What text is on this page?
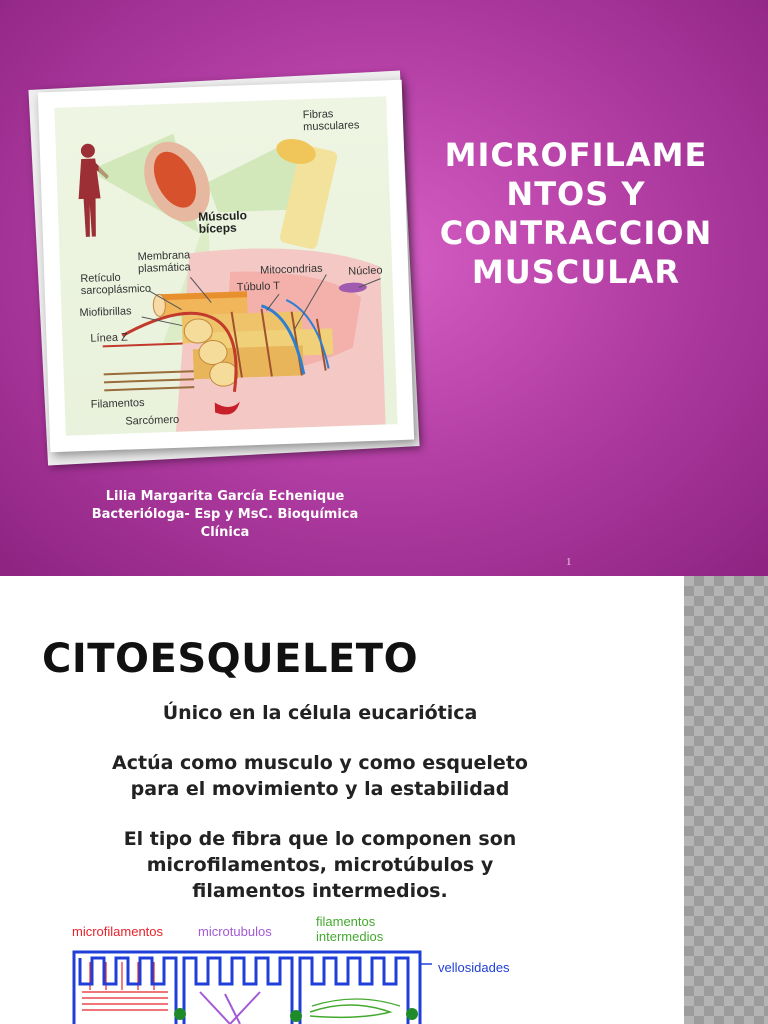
Fibras
musculares
Músculo
bíceps
Membrana
plasmática
Retículo
sarcoplásmico
Mitocondrias Núcleo
Túbulo T
Miofibrillas
Línea Z
Filamentos
Sarcómero
MICROFILAME
NTOS Y
CONTRACCION
MUSCULAR
Lilia Margarita García Echenique
Bacterióloga- Esp y MsC. Bioquímica
Clínica
1
CITOESQUELETO
Único en la célula eucariótica
Actúa como musculo y como esqueleto
para el movimiento y la estabilidad
El tipo de fibra que lo componen son
microfilamentos, microtúbulos y
filamentos intermedios.
microfilamentos	microtubulos
filamentos
intermedios
vellosidades
